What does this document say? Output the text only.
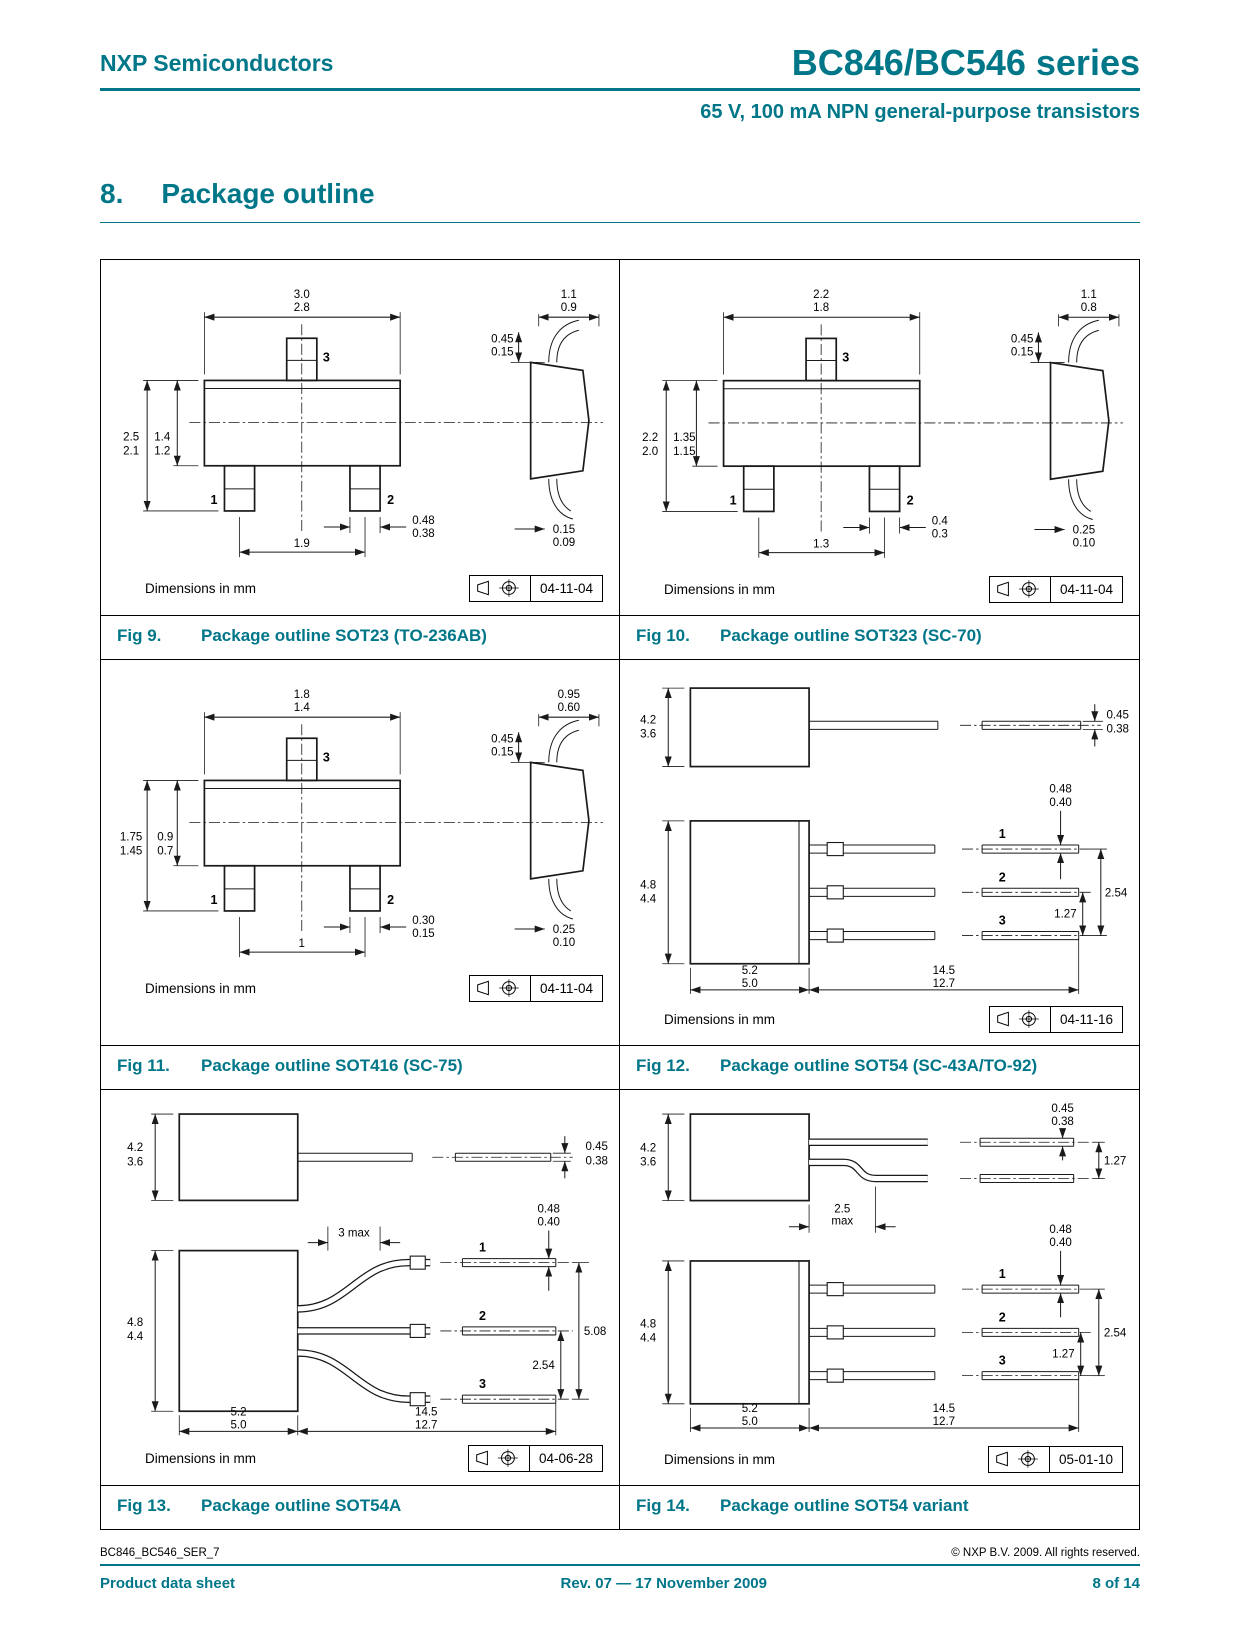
NXP Semiconductors	BC846/BC546 series
65 V, 100 mA NPN general-purpose transistors
8. Package outline
3.0
2.8
1.1
0.9
2.5
2.1
1.4
1.2
0.45
0.15
0.48
0.38
1.9
0.15
0.09
3
1	2
Dimensions in mm	04-11-04
Fig 9.	Package outline SOT23 (TO-236AB)
2.2
1.8
1.1
0.8
2.2
2.0
1.35
1.15
0.45
0.15
0.4
0.3
1.3
0.25
0.10
3
1	2
Dimensions in mm	04-11-04
Fig 10.	Package outline SOT323 (SC-70)
1.8
1.4
0.95
0.60
1.75
1.45
0.9
0.7
0.45
0.15
0.30
0.15
1
0.25
0.10
3
1	2
Dimensions in mm	04-11-04
Fig 11.	Package outline SOT416 (SC-75)
4.2
3.6
0.45
0.38
4.8
4.4
0.48
0.40
2.54
1.27
5.2
5.0
14.5
12.7
1
2
3
Dimensions in mm	04-11-16
Fig 12.	Package outline SOT54 (SC-43A/TO-92)
4.2
3.6
0.45
0.38
0.48
0.40
3 max
4.8
4.4	5.08
2.54
5.2
5.0
14.5
12.7
1
2
3
Dimensions in mm	04-06-28
Fig 13.	Package outline SOT54A
0.45
0.38
4.2
3.6	1.27
2.5
max
0.48
0.40
4.8
4.4	2.54
1.27
5.2
5.0
14.5
12.7
1
2
3
Dimensions in mm	05-01-10
Fig 14.	Package outline SOT54 variant
BC846_BC546_SER_7	© NXP B.V. 2009. All rights reserved.
Product data sheet	Rev. 07 — 17 November 2009	8 of 14
